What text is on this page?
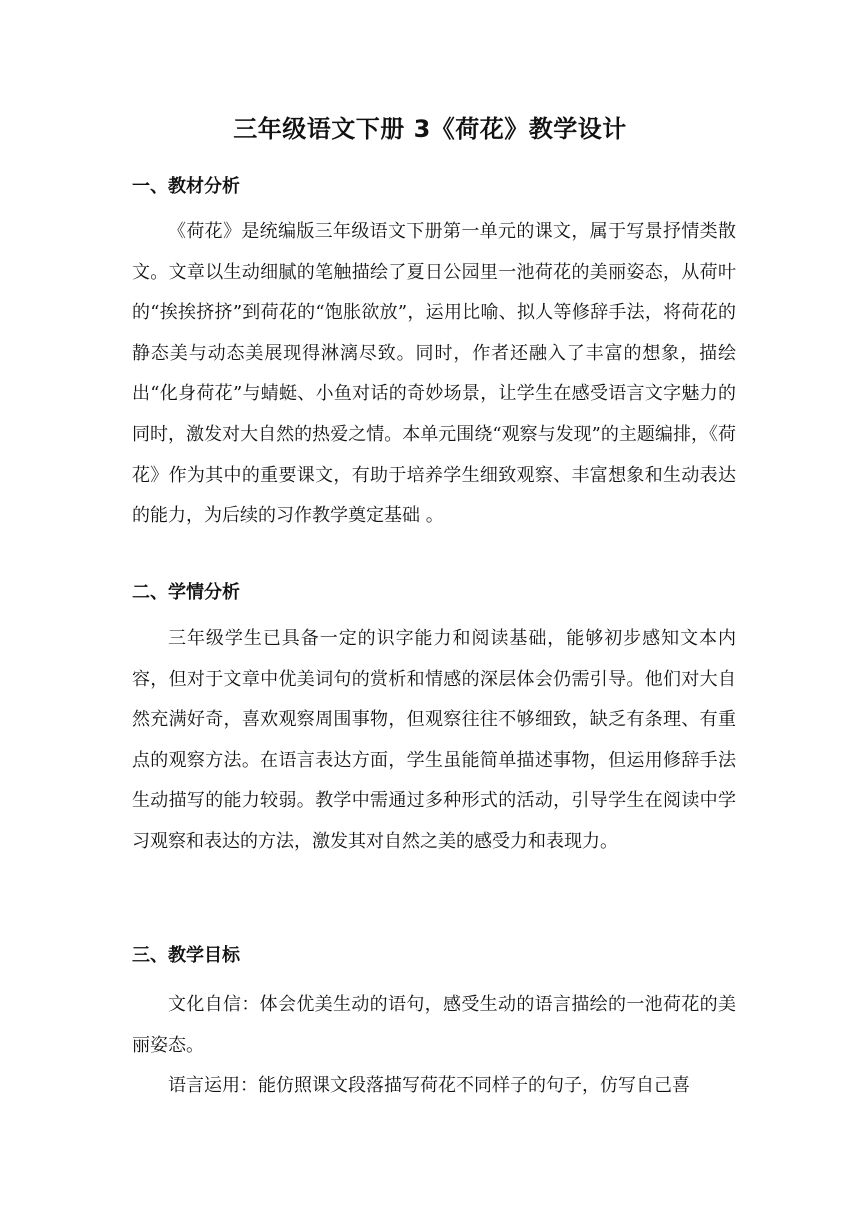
三年级语文下册 3《荷花》教学设计
一、教材分析

《荷花》是统编版三年级语文下册第一单元的课文，属于写景抒情类散文。文章以生动细腻的笔触描绘了夏日公园里一池荷花的美丽姿态，从荷叶的“挨挨挤挤”到荷花的“饱胀欲放”，运用比喻、拟人等修辞手法，将荷花的静态美与动态美展现得淋漓尽致。同时，作者还融入了丰富的想象，描绘出“化身荷花”与蜻蜓、小鱼对话的奇妙场景，让学生在感受语言文字魅力的同时，激发对大自然的热爱之情。本单元围绕“观察与发现”的主题编排，《荷花》作为其中的重要课文，有助于培养学生细致观察、丰富想象和生动表达的能力，为后续的习作教学奠定基础 。

二、学情分析

三年级学生已具备一定的识字能力和阅读基础，能够初步感知文本内容，但对于文章中优美词句的赏析和情感的深层体会仍需引导。他们对大自然充满好奇，喜欢观察周围事物，但观察往往不够细致，缺乏有条理、有重点的观察方法。在语言表达方面，学生虽能简单描述事物，但运用修辞手法生动描写的能力较弱。教学中需通过多种形式的活动，引导学生在阅读中学习观察和表达的方法，激发其对自然之美的感受力和表现力。

三、教学目标

文化自信：体会优美生动的语句，感受生动的语言描绘的一池荷花的美丽姿态。

语言运用：能仿照课文段落描写荷花不同样子的句子，仿写自己喜
